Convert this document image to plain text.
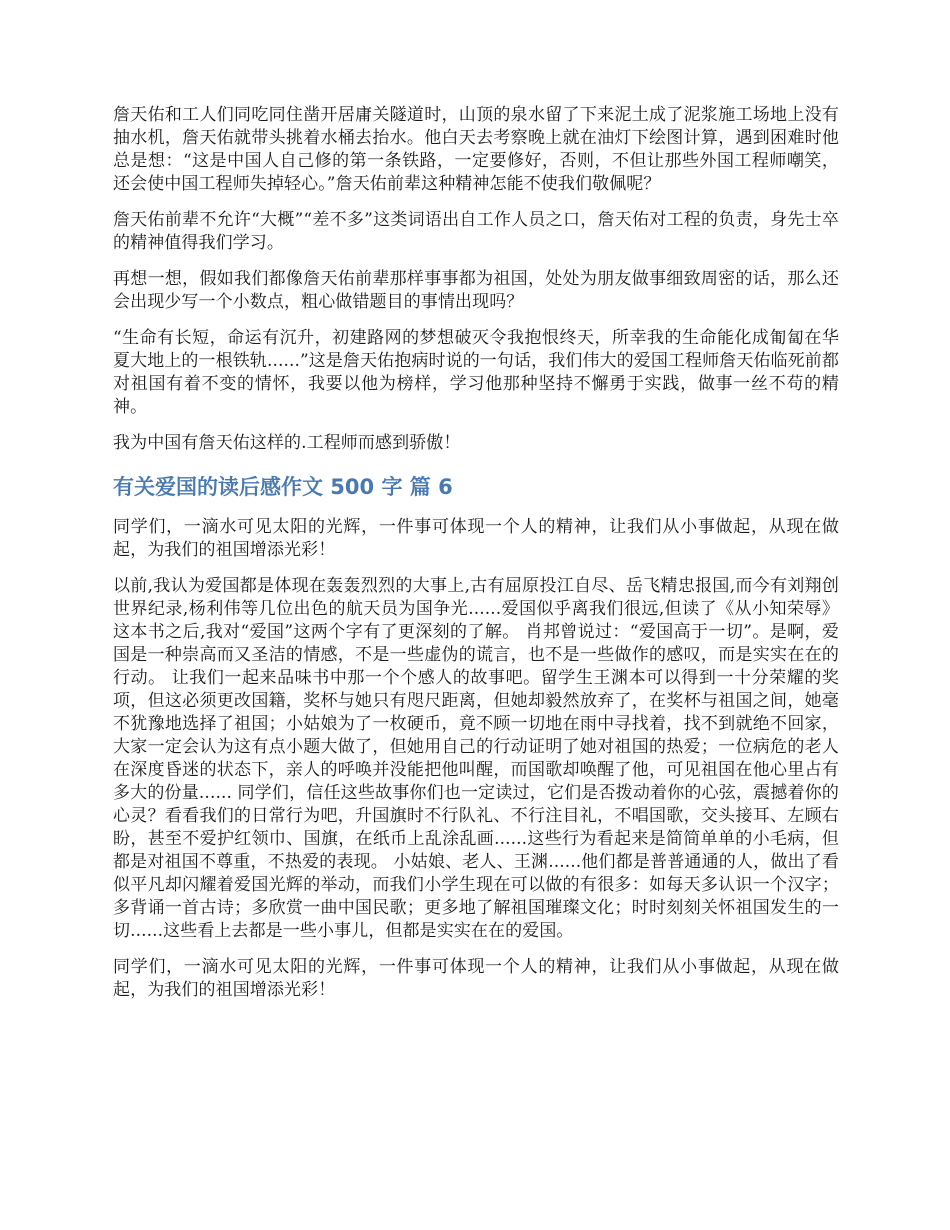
詹天佑和工人们同吃同住凿开居庸关隧道时，山顶的泉水留了下来泥土成了泥浆施工场地上没有抽水机，詹天佑就带头挑着水桶去抬水。他白天去考察晚上就在油灯下绘图计算，遇到困难时他总是想：“这是中国人自己修的第一条铁路，一定要修好，否则，不但让那些外国工程师嘲笑，还会使中国工程师失掉轻心。”詹天佑前辈这种精神怎能不使我们敬佩呢？

詹天佑前辈不允许“大概”“差不多”这类词语出自工作人员之口，詹天佑对工程的负责，身先士卒的精神值得我们学习。

再想一想，假如我们都像詹天佑前辈那样事事都为祖国，处处为朋友做事细致周密的话，那么还会出现少写一个小数点，粗心做错题目的事情出现吗？

“生命有长短，命运有沉升，初建路网的梦想破灭令我抱恨终天，所幸我的生命能化成匍匐在华夏大地上的一根铁轨......”这是詹天佑抱病时说的一句话，我们伟大的爱国工程师詹天佑临死前都对祖国有着不变的情怀，我要以他为榜样，学习他那种坚持不懈勇于实践，做事一丝不苟的精神。

我为中国有詹天佑这样的.工程师而感到骄傲！

有关爱国的读后感作文 500 字 篇 6

同学们，一滴水可见太阳的光辉，一件事可体现一个人的精神，让我们从小事做起，从现在做起，为我们的祖国增添光彩！

以前,我认为爱国都是体现在轰轰烈烈的大事上,古有屈原投江自尽、岳飞精忠报国,而今有刘翔创世界纪录,杨利伟等几位出色的航天员为国争光......爱国似乎离我们很远,但读了《从小知荣辱》这本书之后,我对“爱国”这两个字有了更深刻的了解。 肖邦曾说过：“爱国高于一切”。是啊，爱国是一种崇高而又圣洁的情感，不是一些虚伪的谎言，也不是一些做作的感叹，而是实实在在的行动。 让我们一起来品味书中那一个个感人的故事吧。留学生王渊本可以得到一十分荣耀的奖项，但这必须更改国籍，奖杯与她只有咫尺距离，但她却毅然放弃了，在奖杯与祖国之间，她毫不犹豫地选择了祖国；小姑娘为了一枚硬币，竟不顾一切地在雨中寻找着，找不到就绝不回家，大家一定会认为这有点小题大做了，但她用自己的行动证明了她对祖国的热爱；一位病危的老人在深度昏迷的状态下，亲人的呼唤并没能把他叫醒，而国歌却唤醒了他，可见祖国在他心里占有多大的份量...... 同学们，信任这些故事你们也一定读过，它们是否拨动着你的心弦，震撼着你的心灵？看看我们的日常行为吧，升国旗时不行队礼、不行注目礼，不唱国歌，交头接耳、左顾右盼，甚至不爱护红领巾、国旗，在纸币上乱涂乱画......这些行为看起来是简简单单的小毛病，但都是对祖国不尊重，不热爱的表现。 小姑娘、老人、王渊......他们都是普普通通的人，做出了看似平凡却闪耀着爱国光辉的举动，而我们小学生现在可以做的有很多：如每天多认识一个汉字；多背诵一首古诗；多欣赏一曲中国民歌；更多地了解祖国璀璨文化；时时刻刻关怀祖国发生的一切......这些看上去都是一些小事儿，但都是实实在在的爱国。

同学们，一滴水可见太阳的光辉，一件事可体现一个人的精神，让我们从小事做起，从现在做起，为我们的祖国增添光彩！
